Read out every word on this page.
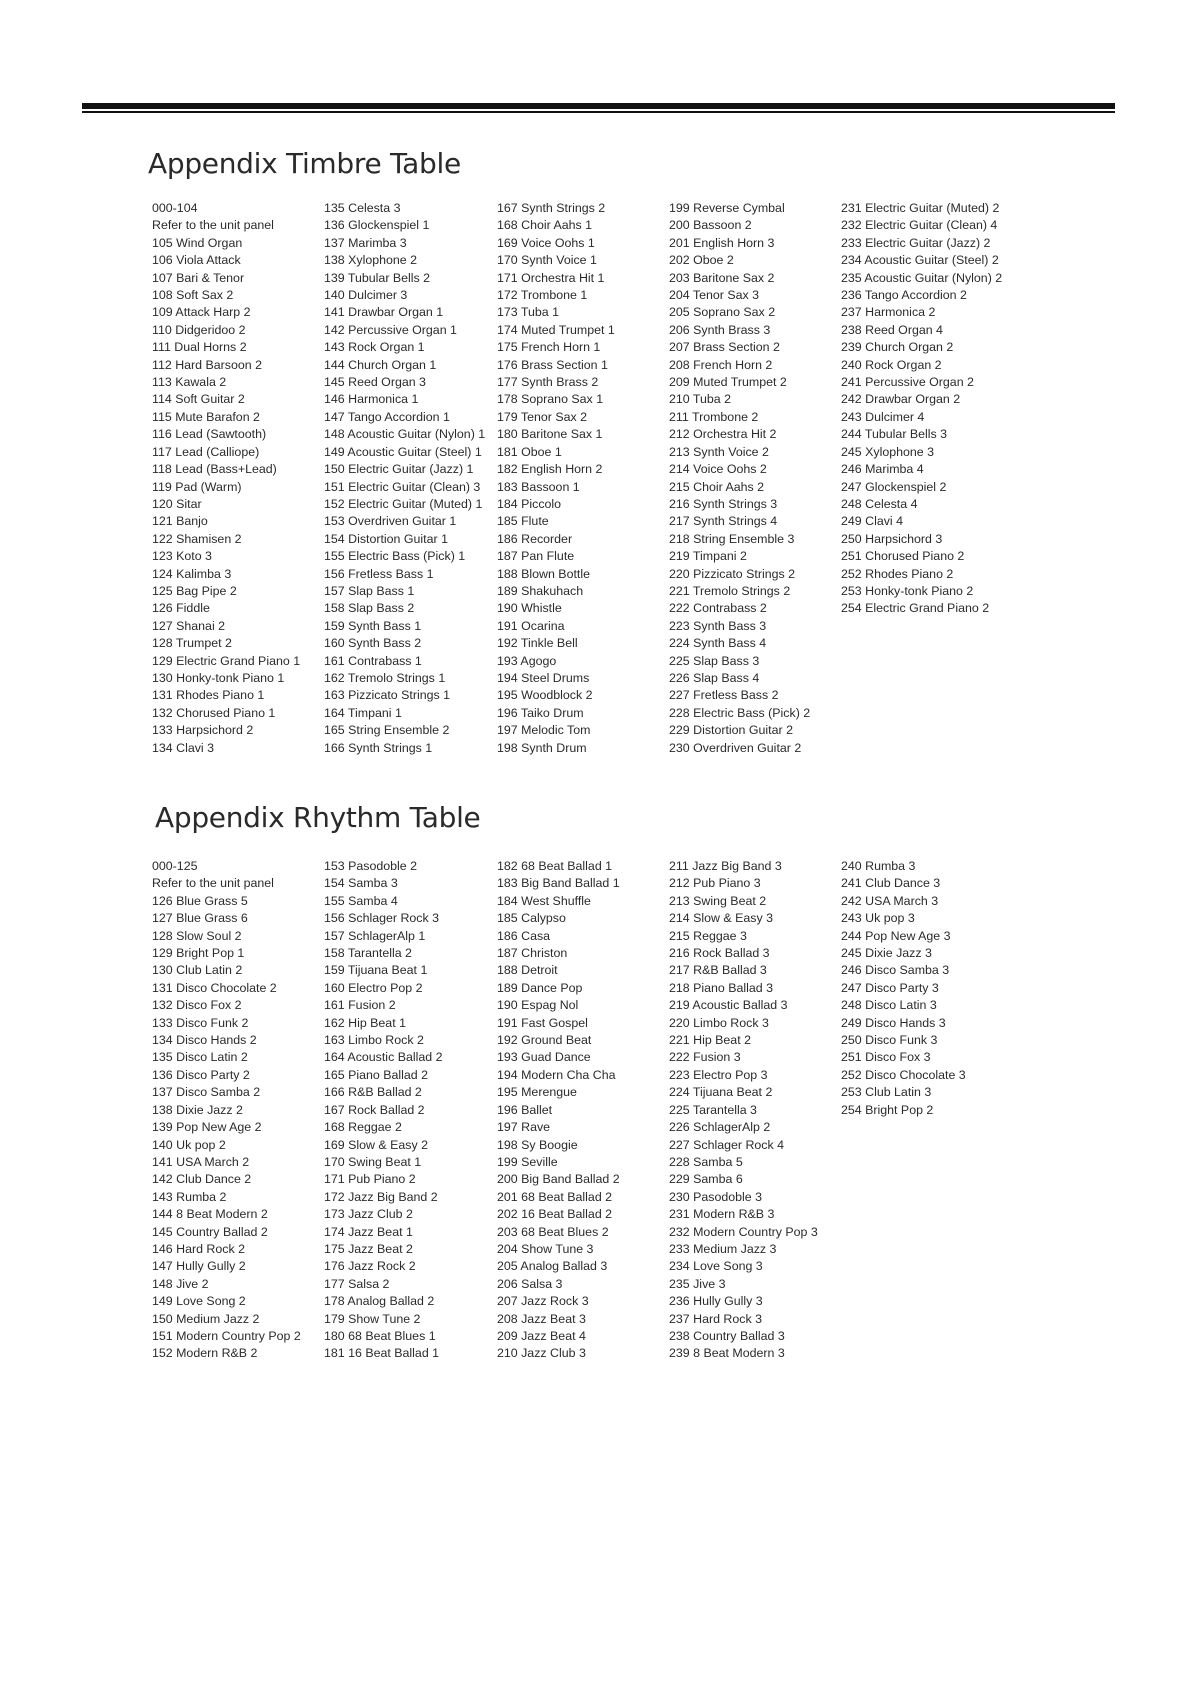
Appendix Timbre Table
000-104
Refer to the unit panel
105 Wind Organ
106 Viola Attack
107 Bari & Tenor
108 Soft Sax 2
109 Attack Harp 2
110 Didgeridoo 2
111 Dual Horns 2
112 Hard Barsoon 2
113 Kawala 2
114 Soft Guitar 2
115 Mute Barafon 2
116 Lead (Sawtooth)
117 Lead (Calliope)
118 Lead (Bass+Lead)
119 Pad (Warm)
120 Sitar
121 Banjo
122 Shamisen 2
123 Koto 3
124 Kalimba 3
125 Bag Pipe 2
126 Fiddle
127 Shanai 2
128 Trumpet 2
129 Electric Grand Piano 1
130 Honky-tonk Piano 1
131 Rhodes Piano 1
132 Chorused Piano 1
133 Harpsichord 2
134 Clavi 3
135 Celesta 3
136 Glockenspiel 1
137 Marimba 3
138 Xylophone 2
139 Tubular Bells 2
140 Dulcimer 3
141 Drawbar Organ 1
142 Percussive Organ 1
143 Rock Organ 1
144 Church Organ 1
145 Reed Organ 3
146 Harmonica 1
147 Tango Accordion 1
148 Acoustic Guitar (Nylon) 1
149 Acoustic Guitar (Steel) 1
150 Electric Guitar (Jazz) 1
151 Electric Guitar (Clean) 3
152 Electric Guitar (Muted) 1
153 Overdriven Guitar 1
154 Distortion Guitar 1
155 Electric Bass (Pick) 1
156 Fretless Bass 1
157 Slap Bass 1
158 Slap Bass 2
159 Synth Bass 1
160 Synth Bass 2
161 Contrabass 1
162 Tremolo Strings 1
163 Pizzicato Strings 1
164 Timpani 1
165 String Ensemble 2
166 Synth Strings 1
167 Synth Strings 2
168 Choir Aahs 1
169 Voice Oohs 1
170 Synth Voice 1
171 Orchestra Hit 1
172 Trombone 1
173 Tuba 1
174 Muted Trumpet 1
175 French Horn 1
176 Brass Section 1
177 Synth Brass 2
178 Soprano Sax 1
179 Tenor Sax 2
180 Baritone Sax 1
181 Oboe 1
182 English Horn 2
183 Bassoon 1
184 Piccolo
185 Flute
186 Recorder
187 Pan Flute
188 Blown Bottle
189 Shakuhach
190 Whistle
191 Ocarina
192 Tinkle Bell
193 Agogo
194 Steel Drums
195 Woodblock 2
196 Taiko Drum
197 Melodic Tom
198 Synth Drum
199 Reverse Cymbal
200 Bassoon 2
201 English Horn 3
202 Oboe 2
203 Baritone Sax 2
204 Tenor Sax 3
205 Soprano Sax 2
206 Synth Brass 3
207 Brass Section 2
208 French Horn 2
209 Muted Trumpet 2
210 Tuba 2
211 Trombone 2
212 Orchestra Hit 2
213 Synth Voice 2
214 Voice Oohs 2
215 Choir Aahs 2
216 Synth Strings 3
217 Synth Strings 4
218 String Ensemble 3
219 Timpani 2
220 Pizzicato Strings 2
221 Tremolo Strings 2
222 Contrabass 2
223 Synth Bass 3
224 Synth Bass 4
225 Slap Bass 3
226 Slap Bass 4
227 Fretless Bass 2
228 Electric Bass (Pick) 2
229 Distortion Guitar 2
230 Overdriven Guitar 2
231 Electric Guitar (Muted) 2
232 Electric Guitar (Clean) 4
233 Electric Guitar (Jazz) 2
234 Acoustic Guitar (Steel) 2
235 Acoustic Guitar (Nylon) 2
236 Tango Accordion 2
237 Harmonica 2
238 Reed Organ 4
239 Church Organ 2
240 Rock Organ 2
241 Percussive Organ 2
242 Drawbar Organ 2
243 Dulcimer 4
244 Tubular Bells 3
245 Xylophone 3
246 Marimba 4
247 Glockenspiel 2
248 Celesta 4
249 Clavi 4
250 Harpsichord 3
251 Chorused Piano 2
252 Rhodes Piano 2
253 Honky-tonk Piano 2
254 Electric Grand Piano 2
Appendix Rhythm Table
000-125
Refer to the unit panel
126 Blue Grass 5
127 Blue Grass 6
128 Slow Soul 2
129 Bright Pop 1
130 Club Latin 2
131 Disco Chocolate 2
132 Disco Fox 2
133 Disco Funk 2
134 Disco Hands 2
135 Disco Latin 2
136 Disco Party 2
137 Disco Samba 2
138 Dixie Jazz 2
139 Pop New Age 2
140 Uk pop 2
141 USA March 2
142 Club Dance 2
143 Rumba 2
144 8 Beat Modern 2
145 Country Ballad 2
146 Hard Rock 2
147 Hully Gully 2
148 Jive 2
149 Love Song 2
150 Medium Jazz 2
151 Modern Country Pop 2
152 Modern R&B 2
153 Pasodoble 2
154 Samba 3
155 Samba 4
156 Schlager Rock 3
157 SchlagerAlp 1
158 Tarantella 2
159 Tijuana Beat 1
160 Electro Pop 2
161 Fusion 2
162 Hip Beat 1
163 Limbo Rock 2
164 Acoustic Ballad 2
165 Piano Ballad 2
166 R&B Ballad 2
167 Rock Ballad 2
168 Reggae 2
169 Slow & Easy 2
170 Swing Beat 1
171 Pub Piano 2
172 Jazz Big Band 2
173 Jazz Club 2
174 Jazz Beat 1
175 Jazz Beat 2
176 Jazz Rock 2
177 Salsa 2
178 Analog Ballad 2
179 Show Tune 2
180 68 Beat Blues 1
181 16 Beat Ballad 1
182 68 Beat Ballad 1
183 Big Band Ballad 1
184 West Shuffle
185 Calypso
186 Casa
187 Christon
188 Detroit
189 Dance Pop
190 Espag Nol
191 Fast Gospel
192 Ground Beat
193 Guad Dance
194 Modern Cha Cha
195 Merengue
196 Ballet
197 Rave
198 Sy Boogie
199 Seville
200 Big Band Ballad 2
201 68 Beat Ballad 2
202 16 Beat Ballad 2
203 68 Beat Blues 2
204 Show Tune 3
205 Analog Ballad 3
206 Salsa 3
207 Jazz Rock 3
208 Jazz Beat 3
209 Jazz Beat 4
210 Jazz Club 3
211 Jazz Big Band 3
212 Pub Piano 3
213 Swing Beat 2
214 Slow & Easy 3
215 Reggae 3
216 Rock Ballad 3
217 R&B Ballad 3
218 Piano Ballad 3
219 Acoustic Ballad 3
220 Limbo Rock 3
221 Hip Beat 2
222 Fusion 3
223 Electro Pop 3
224 Tijuana Beat 2
225 Tarantella 3
226 SchlagerAlp 2
227 Schlager Rock 4
228 Samba 5
229 Samba 6
230 Pasodoble 3
231 Modern R&B 3
232 Modern Country Pop 3
233 Medium Jazz 3
234 Love Song 3
235 Jive 3
236 Hully Gully 3
237 Hard Rock 3
238 Country Ballad 3
239 8 Beat Modern 3
240 Rumba 3
241 Club Dance 3
242 USA March 3
243 Uk pop 3
244 Pop New Age 3
245 Dixie Jazz 3
246 Disco Samba 3
247 Disco Party 3
248 Disco Latin 3
249 Disco Hands 3
250 Disco Funk 3
251 Disco Fox 3
252 Disco Chocolate 3
253 Club Latin 3
254 Bright Pop 2
